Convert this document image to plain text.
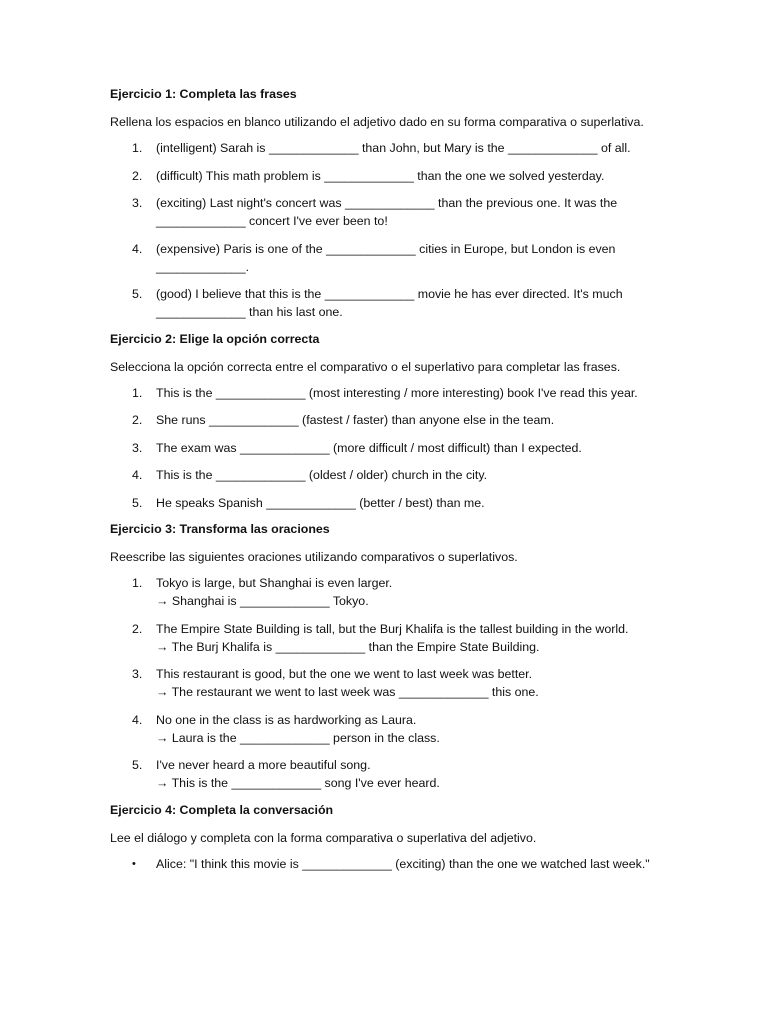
Ejercicio 1: Completa las frases

Rellena los espacios en blanco utilizando el adjetivo dado en su forma comparativa o superlativa.

1.	(intelligent) Sarah is _____________ than John, but Mary is the _____________ of all.
2.	(difficult) This math problem is _____________ than the one we solved yesterday.
3.	(exciting) Last night's concert was _____________ than the previous one. It was the _____________ concert I've ever been to!
4.	(expensive) Paris is one of the _____________ cities in Europe, but London is even _____________.
5.	(good) I believe that this is the _____________ movie he has ever directed. It's much _____________ than his last one.

Ejercicio 2: Elige la opción correcta

Selecciona la opción correcta entre el comparativo o el superlativo para completar las frases.

1.	This is the _____________ (most interesting / more interesting) book I've read this year.
2.	She runs _____________ (fastest / faster) than anyone else in the team.
3.	The exam was _____________ (more difficult / most difficult) than I expected.
4.	This is the _____________ (oldest / older) church in the city.
5.	He speaks Spanish _____________ (better / best) than me.

Ejercicio 3: Transforma las oraciones

Reescribe las siguientes oraciones utilizando comparativos o superlativos.

1.	Tokyo is large, but Shanghai is even larger.
→ Shanghai is _____________ Tokyo.
2.	The Empire State Building is tall, but the Burj Khalifa is the tallest building in the world.
→ The Burj Khalifa is _____________ than the Empire State Building.
3.	This restaurant is good, but the one we went to last week was better.
→ The restaurant we went to last week was _____________ this one.
4.	No one in the class is as hardworking as Laura.
→ Laura is the _____________ person in the class.
5.	I've never heard a more beautiful song.
→ This is the _____________ song I've ever heard.

Ejercicio 4: Completa la conversación

Lee el diálogo y completa con la forma comparativa o superlativa del adjetivo.

• Alice: "I think this movie is _____________ (exciting) than the one we watched last week."
